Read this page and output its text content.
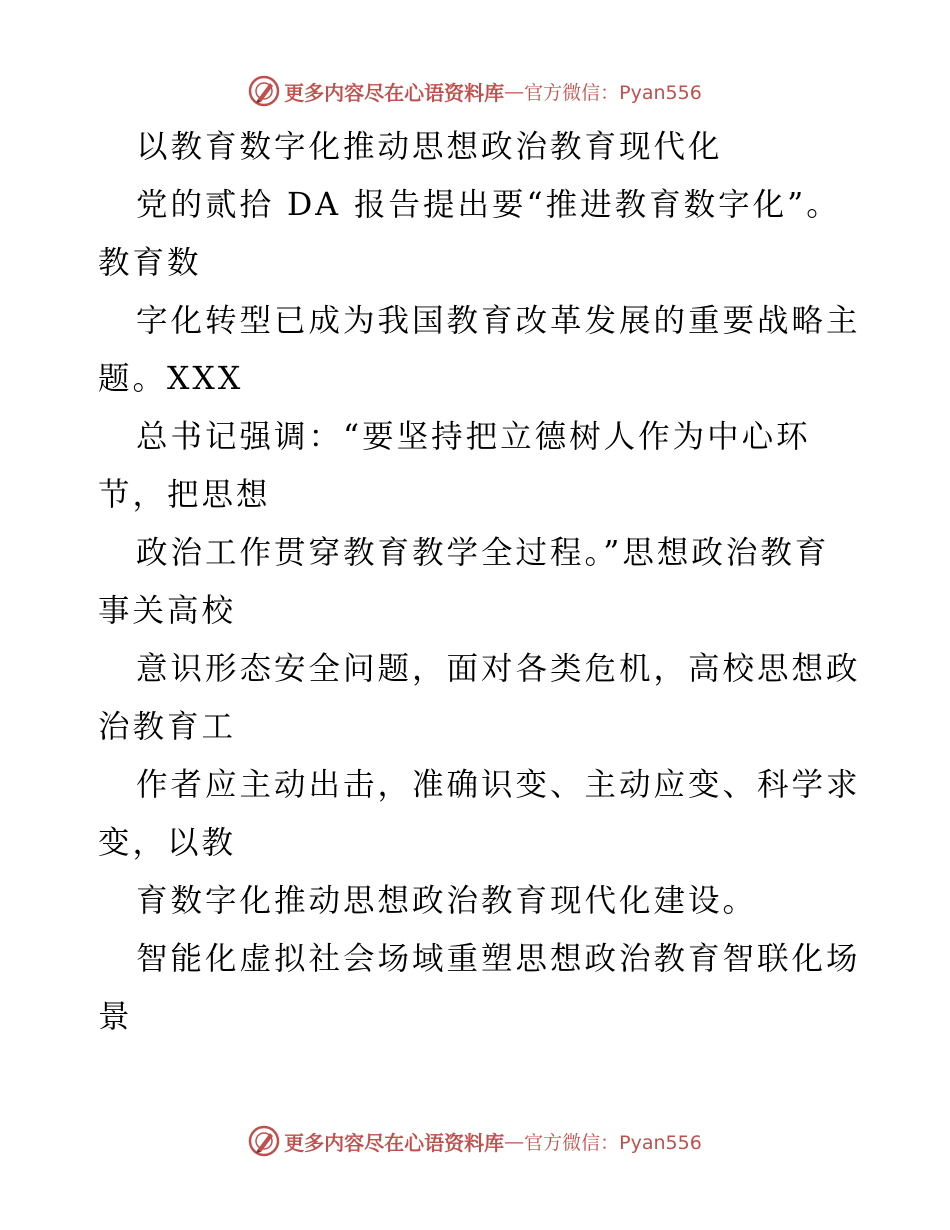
更多内容尽在心语资料库 — 官方微信：Pyan556
以教育数字化推动思想政治教育现代化
党的贰拾 DA 报告提出要“推进教育数字化”。
教育数
字化转型已成为我国教育改革发展的重要战略主
题。XXX
总书记强调：“要坚持把立德树人作为中心环
节，把思想
政治工作贯穿教育教学全过程。”思想政治教育
事关高校
意识形态安全问题，面对各类危机，高校思想政
治教育工
作者应主动出击，准确识变、主动应变、科学求
变，以教
育数字化推动思想政治教育现代化建设。
智能化虚拟社会场域重塑思想政治教育智联化场
景
更多内容尽在心语资料库 — 官方微信：Pyan556
